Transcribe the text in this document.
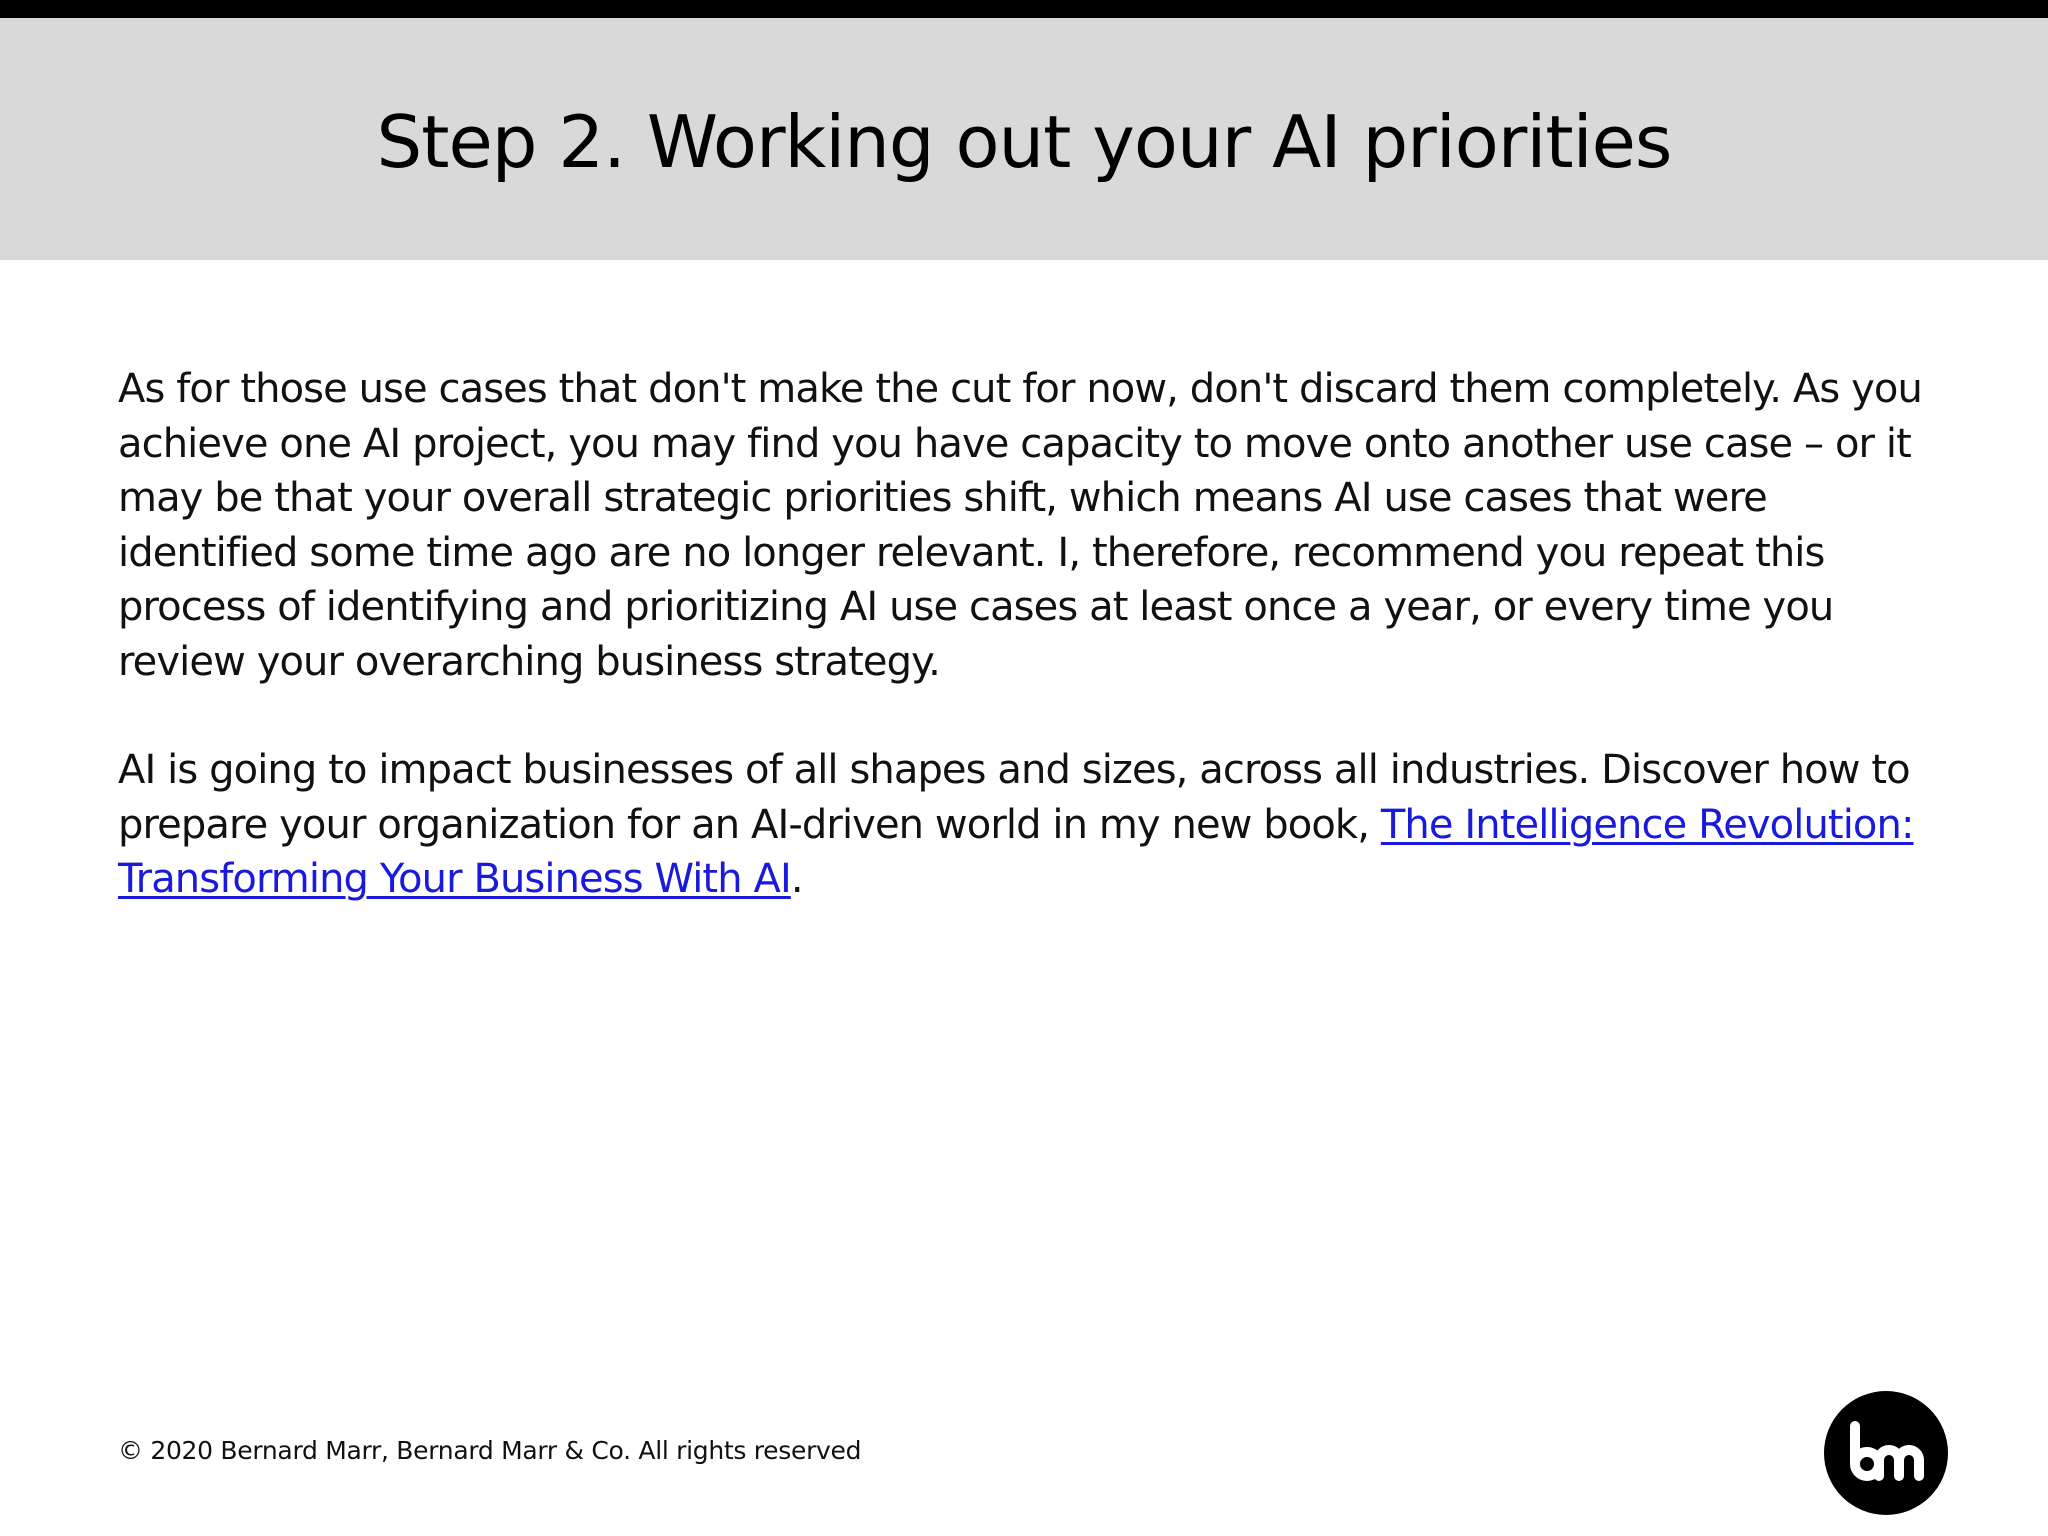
Step 2. Working out your AI priorities

As for those use cases that don't make the cut for now, don't discard them completely. As you achieve one AI project, you may find you have capacity to move onto another use case – or it may be that your overall strategic priorities shift, which means AI use cases that were identified some time ago are no longer relevant. I, therefore, recommend you repeat this process of identifying and prioritizing AI use cases at least once a year, or every time you review your overarching business strategy.

AI is going to impact businesses of all shapes and sizes, across all industries. Discover how to prepare your organization for an AI-driven world in my new book, The Intelligence Revolution: Transforming Your Business With AI.

© 2020 Bernard Marr, Bernard Marr & Co. All rights reserved
